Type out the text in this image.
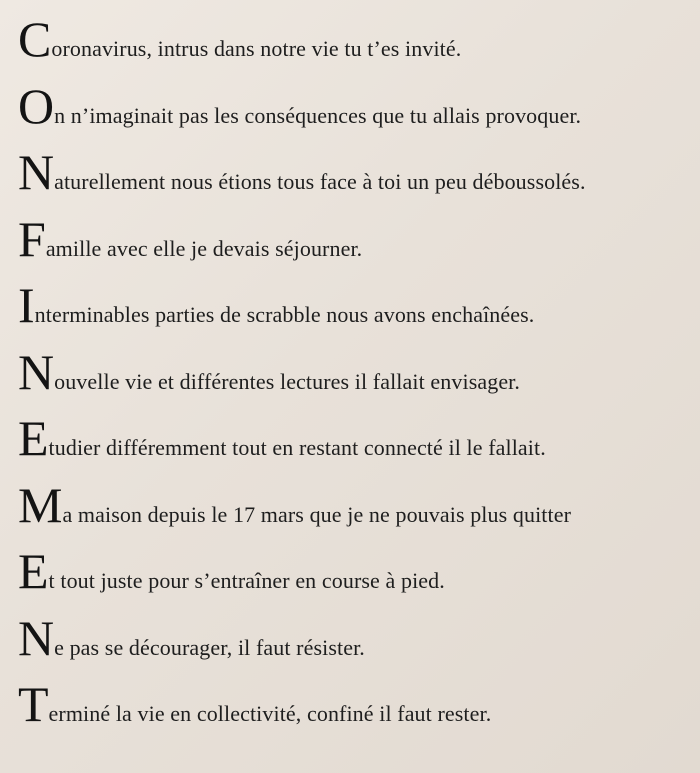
C oronavirus, intrus dans notre vie tu t’es invité.
O n n’imaginait pas les conséquences que tu allais provoquer.
N aturellement nous étions tous face à toi un peu déboussolés.
F amille avec elle je devais séjourner.
I nterminables parties de scrabble nous avons enchaînées.
N ouvelle vie et différentes lectures il fallait envisager.
E tudier différemment tout en restant connecté il le fallait.
M a maison depuis le 17 mars que je ne pouvais plus quitter
E t tout juste pour s’entraîner en course à pied.
N e pas se décourager, il faut résister.
T erminé la vie en collectivité, confiné il faut rester.
